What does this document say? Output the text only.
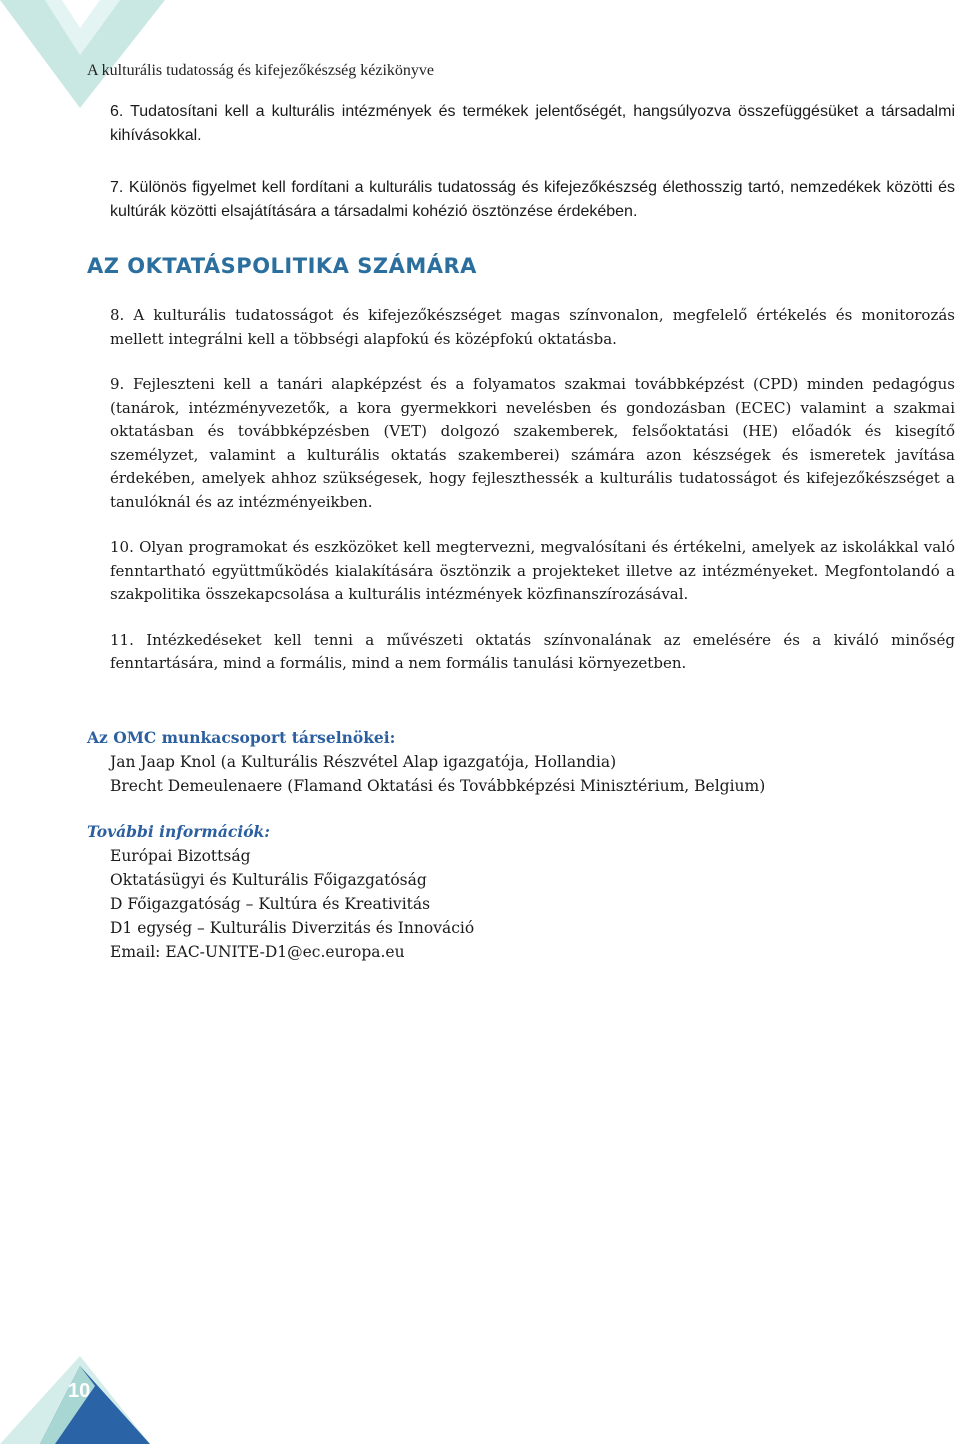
A kulturális tudatosság és kifejezőkészség kézikönyve

6. Tudatosítani kell a kulturális intézmények és termékek jelentőségét, hangsúlyozva összefüggésüket a társadalmi kihívásokkal.

7. Különös figyelmet kell fordítani a kulturális tudatosság és kifejezőkészség élethosszig tartó, nemzedékek közötti és kultúrák közötti elsajátítására a társadalmi kohézió ösztönzése érdekében.

AZ OKTATÁSPOLITIKA SZÁMÁRA

8. A kulturális tudatosságot és kifejezőkészséget magas színvonalon, megfelelő értékelés és monitorozás mellett integrálni kell a többségi alapfokú és középfokú oktatásba.

9. Fejleszteni kell a tanári alapképzést és a folyamatos szakmai továbbképzést (CPD) minden pedagógus (tanárok, intézményvezetők, a kora gyermekkori nevelésben és gondozásban (ECEC) valamint a szakmai oktatásban és továbbképzésben (VET) dolgozó szakemberek, felsőoktatási (HE) előadók és kisegítő személyzet, valamint a kulturális oktatás szakemberei) számára azon készségek és ismeretek javítása érdekében, amelyek ahhoz szükségesek, hogy fejleszthessék a kulturális tudatosságot és kifejezőkészséget a tanulóknál és az intézményeikben.

10. Olyan programokat és eszközöket kell megtervezni, megvalósítani és értékelni, amelyek az iskolákkal való fenntartható együttműködés kialakítására ösztönzik a projekteket illetve az intézményeket. Megfontolandó a szakpolitika összekapcsolása a kulturális intézmények közfinanszírozásával.

11. Intézkedéseket kell tenni a művészeti oktatás színvonalának az emelésére és a kiváló minőség fenntartására, mind a formális, mind a nem formális tanulási környezetben.

Az OMC munkacsoport társelnökei:
Jan Jaap Knol (a Kulturális Részvétel Alap igazgatója, Hollandia)
Brecht Demeulenaere (Flamand Oktatási és Továbbképzési Minisztérium, Belgium)
További információk:
Európai Bizottság
Oktatásügyi és Kulturális Főigazgatóság
D Főigazgatóság – Kultúra és Kreativitás
D1 egység – Kulturális Diverzitás és Innováció
Email: EAC-UNITE-D1@ec.europa.eu
10
